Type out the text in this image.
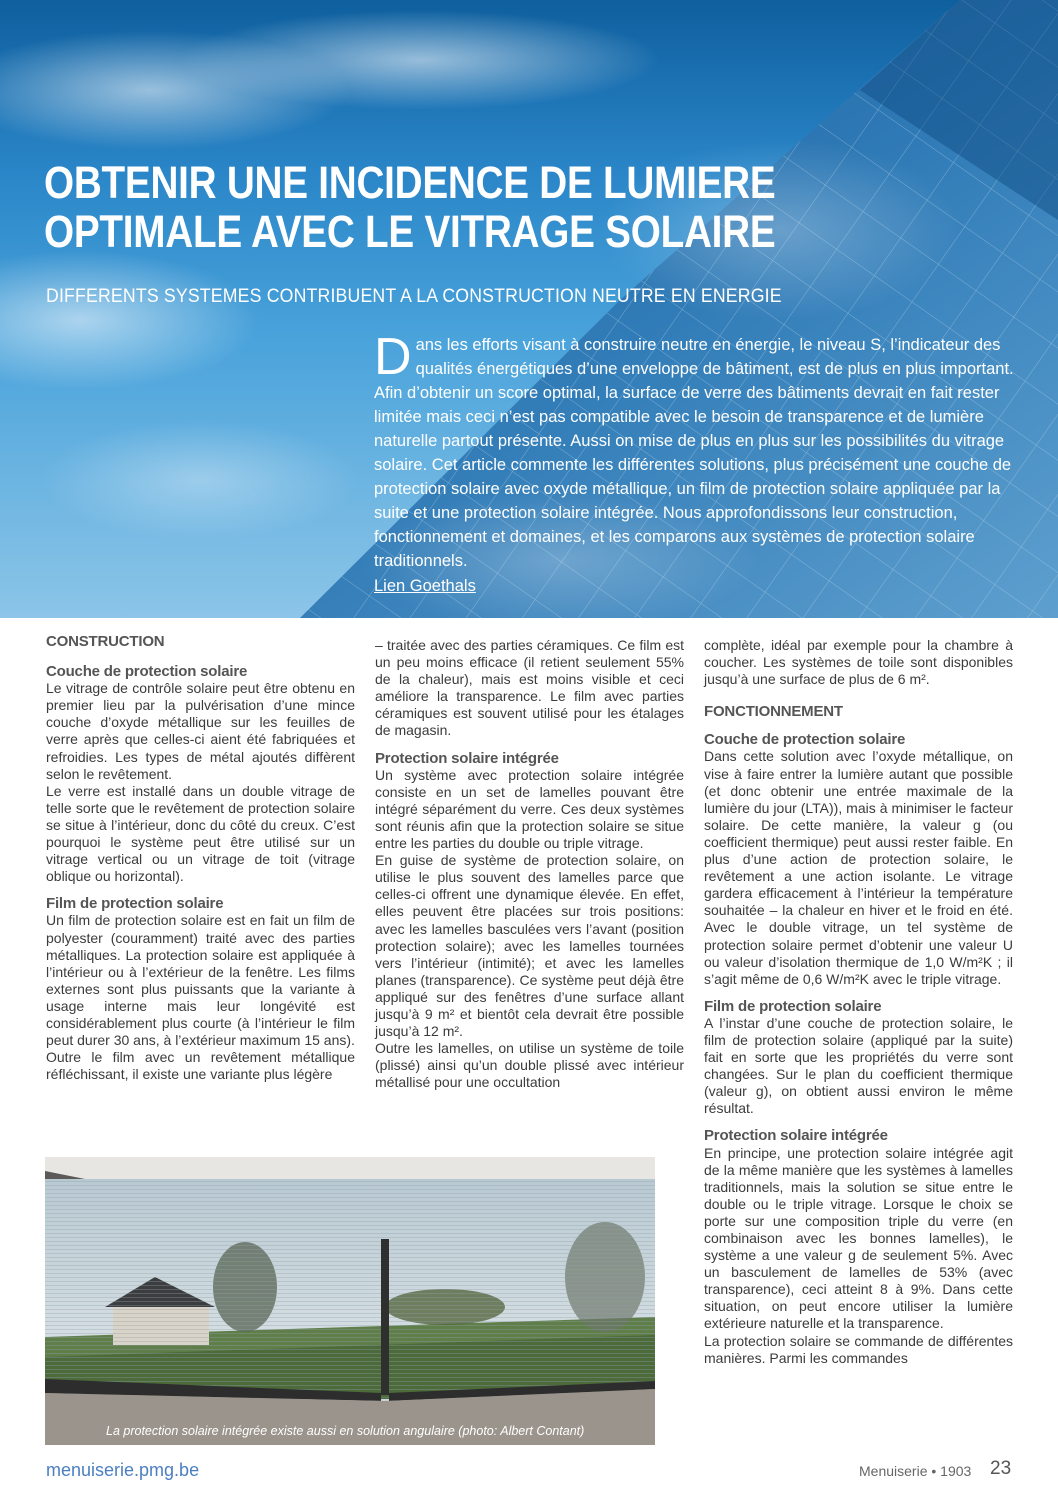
OBTENIR UNE INCIDENCE DE LUMIERE
OPTIMALE AVEC LE VITRAGE SOLAIRE

DIFFERENTS SYSTEMES CONTRIBUENT A LA CONSTRUCTION NEUTRE EN ENERGIE

Dans les efforts visant à construire neutre en énergie, le niveau S, l’indicateur des qualités énergétiques d’une enveloppe de bâtiment, est de plus en plus important. Afin d’obtenir un score optimal, la surface de verre des bâtiments devrait en fait rester limitée mais ceci n’est pas compatible avec le besoin de transparence et de lumière naturelle partout présente. Aussi on mise de plus en plus sur les possibilités du vitrage solaire. Cet article commente les différentes solutions, plus précisément une couche de protection solaire avec oxyde métallique, un film de protection solaire appliquée par la suite et une protection solaire intégrée. Nous approfondissons leur construction, fonctionnement et domaines, et les comparons aux systèmes de protection solaire traditionnels.

Lien Goethals

CONSTRUCTION

Couche de protection solaire

Le vitrage de contrôle solaire peut être obtenu en premier lieu par la pulvérisation d’une mince couche d’oxyde métallique sur les feuilles de verre après que celles-ci aient été fabriquées et refroidies. Les types de métal ajoutés diffèrent selon le revêtement.

Le verre est installé dans un double vitrage de telle sorte que le revêtement de protection solaire se situe à l’intérieur, donc du côté du creux. C’est pourquoi le système peut être utilisé sur un vitrage vertical ou un vitrage de toit (vitrage oblique ou horizontal).

Film de protection solaire

Un film de protection solaire est en fait un film de polyester (couramment) traité avec des parties métalliques. La protection solaire est appliquée à l’intérieur ou à l’extérieur de la fenêtre. Les films externes sont plus puissants que la variante à usage interne mais leur longévité est considérablement plus courte (à l’intérieur le film peut durer 30 ans, à l’extérieur maximum 15 ans).

Outre le film avec un revêtement métallique réfléchissant, il existe une variante plus légère

– traitée avec des parties céramiques. Ce film est un peu moins efficace (il retient seulement 55% de la chaleur), mais est moins visible et ceci améliore la transparence. Le film avec parties céramiques est souvent utilisé pour les étalages de magasin.

Protection solaire intégrée

Un système avec protection solaire intégrée consiste en un set de lamelles pouvant être intégré séparément du verre. Ces deux systèmes sont réunis afin que la protection solaire se situe entre les parties du double ou triple vitrage.

En guise de système de protection solaire, on utilise le plus souvent des lamelles parce que celles-ci offrent une dynamique élevée. En effet, elles peuvent être placées sur trois positions: avec les lamelles basculées vers l’avant (position protection solaire); avec les lamelles tournées vers l’intérieur (intimité); et avec les lamelles planes (transparence). Ce système peut déjà être appliqué sur des fenêtres d’une surface allant jusqu’à 9 m² et bientôt cela devrait être possible jusqu’à 12 m².

Outre les lamelles, on utilise un système de toile (plissé) ainsi qu’un double plissé avec intérieur métallisé pour une occultation

complète, idéal par exemple pour la chambre à coucher. Les systèmes de toile sont disponibles jusqu’à une surface de plus de 6 m².

FONCTIONNEMENT

Couche de protection solaire

Dans cette solution avec l’oxyde métallique, on vise à faire entrer la lumière autant que possible (et donc obtenir une entrée maximale de la lumière du jour (LTA)), mais à minimiser le facteur solaire. De cette manière, la valeur g (ou coefficient thermique) peut aussi rester faible. En plus d’une action de protection solaire, le revêtement a une action isolante. Le vitrage gardera efficacement à l’intérieur la température souhaitée – la chaleur en hiver et le froid en été. Avec le double vitrage, un tel système de protection solaire permet d’obtenir une valeur U ou valeur d’isolation thermique de 1,0 W/m²K ; il s’agit même de 0,6 W/m²K avec le triple vitrage.

Film de protection solaire

A l’instar d’une couche de protection solaire, le film de protection solaire (appliqué par la suite) fait en sorte que les propriétés du verre sont changées. Sur le plan du coefficient thermique (valeur g), on obtient aussi environ le même résultat.

Protection solaire intégrée

En principe, une protection solaire intégrée agit de la même manière que les systèmes à lamelles traditionnels, mais la solution se situe entre le double ou le triple vitrage. Lorsque le choix se porte sur une composition triple du verre (en combinaison avec les bonnes lamelles), le système a une valeur g de seulement 5%. Avec un basculement de lamelles de 53% (avec transparence), ceci atteint 8 à 9%. Dans cette situation, on peut encore utiliser la lumière extérieure naturelle et la transparence.

La protection solaire se commande de différentes manières. Parmi les commandes

La protection solaire intégrée existe aussi en solution angulaire (photo: Albert Contant)
menuiserie.pmg.be	Menuiserie • 1903 23
